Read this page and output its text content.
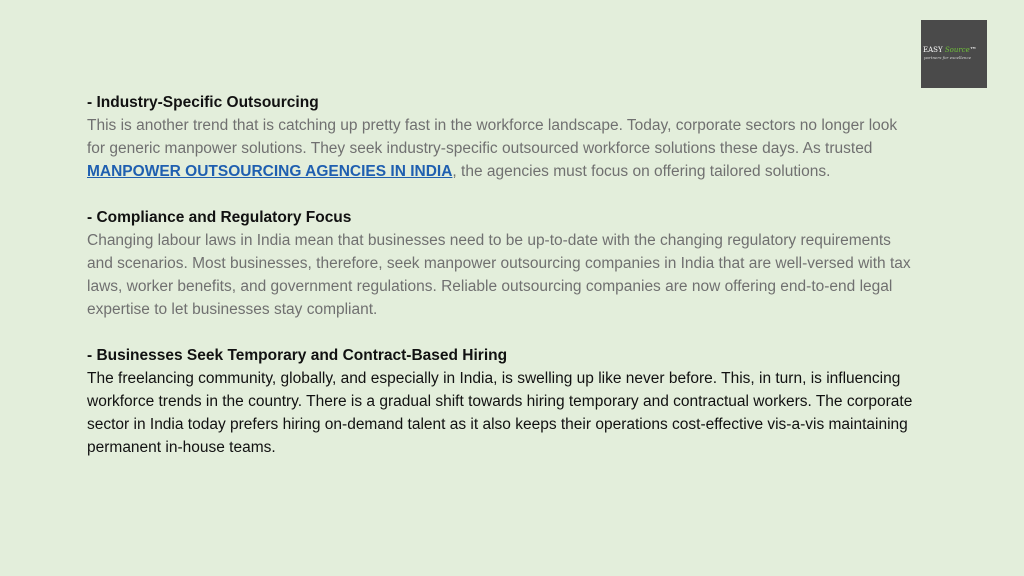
EASY Source™
partners for excellence
- Industry-Specific Outsourcing
This is another trend that is catching up pretty fast in the workforce landscape. Today, corporate sectors no longer look for generic manpower solutions. They seek industry-specific outsourced workforce solutions these days. As trusted MANPOWER OUTSOURCING AGENCIES IN INDIA, the agencies must focus on offering tailored solutions.
- Compliance and Regulatory Focus
Changing labour laws in India mean that businesses need to be up-to-date with the changing regulatory requirements and scenarios. Most businesses, therefore, seek manpower outsourcing companies in India that are well-versed with tax laws, worker benefits, and government regulations. Reliable outsourcing companies are now offering end-to-end legal expertise to let businesses stay compliant.
- Businesses Seek Temporary and Contract-Based Hiring
The freelancing community, globally, and especially in India, is swelling up like never before. This, in turn, is influencing workforce trends in the country. There is a gradual shift towards hiring temporary and contractual workers. The corporate sector in India today prefers hiring on-demand talent as it also keeps their operations cost-effective vis-a-vis maintaining permanent in-house teams.
